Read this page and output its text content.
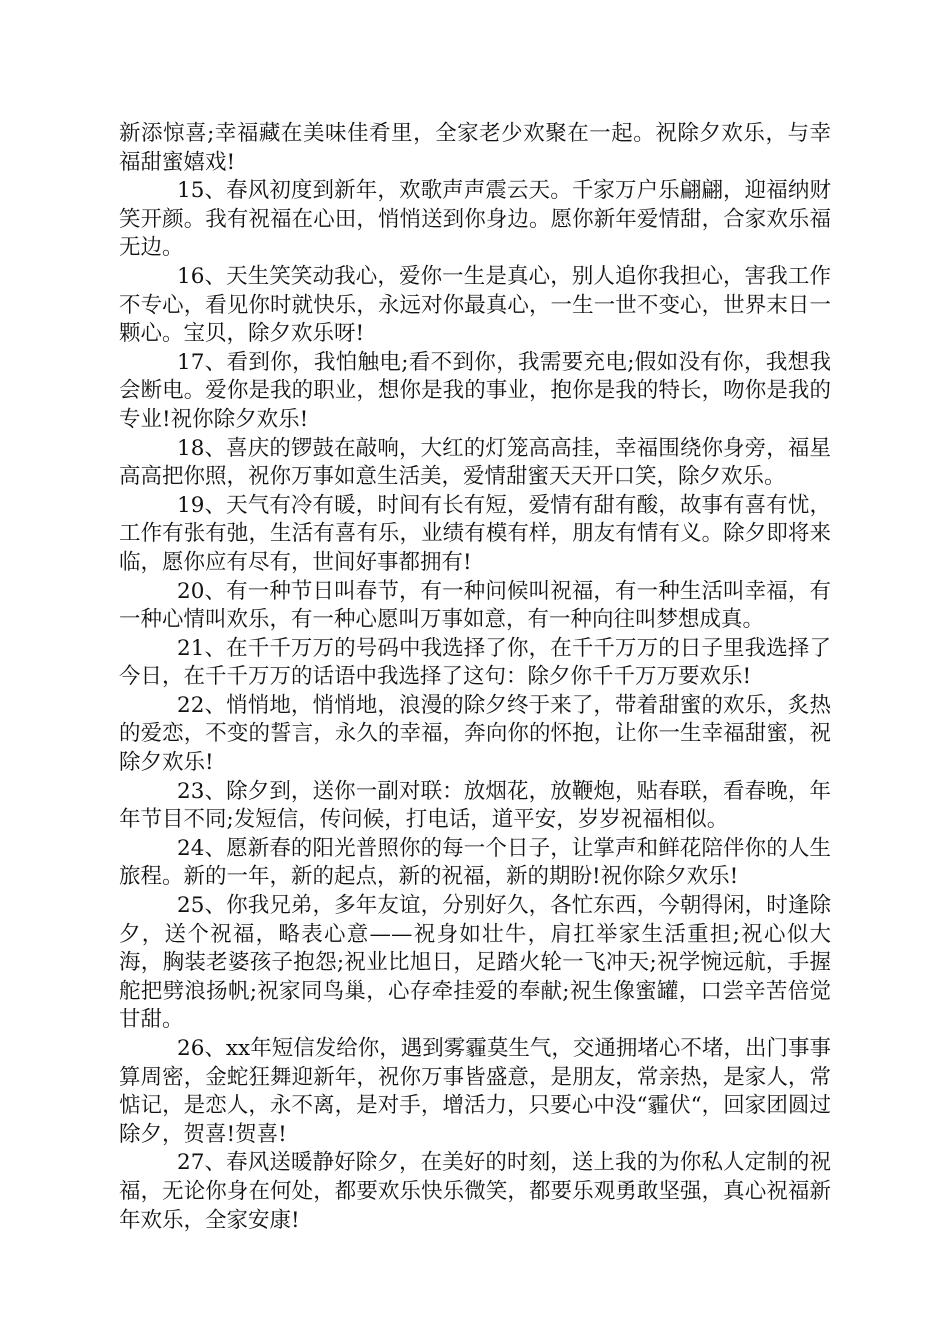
新添惊喜;幸福藏在美味佳肴里，全家老少欢聚在一起。祝除夕欢乐，与幸福甜蜜嬉戏!

15、春风初度到新年，欢歌声声震云天。千家万户乐翩翩，迎福纳财笑开颜。我有祝福在心田，悄悄送到你身边。愿你新年爱情甜，合家欢乐福无边。

16、天生笑笑动我心，爱你一生是真心，别人追你我担心，害我工作不专心，看见你时就快乐，永远对你最真心，一生一世不变心，世界末日一颗心。宝贝，除夕欢乐呀!

17、看到你，我怕触电;看不到你，我需要充电;假如没有你，我想我会断电。爱你是我的职业，想你是我的事业，抱你是我的特长，吻你是我的专业!祝你除夕欢乐!

18、喜庆的锣鼓在敲响，大红的灯笼高高挂，幸福围绕你身旁，福星高高把你照，祝你万事如意生活美，爱情甜蜜天天开口笑，除夕欢乐。

19、天气有冷有暖，时间有长有短，爱情有甜有酸，故事有喜有忧，工作有张有弛，生活有喜有乐，业绩有模有样，朋友有情有义。除夕即将来临，愿你应有尽有，世间好事都拥有!

20、有一种节日叫春节，有一种问候叫祝福，有一种生活叫幸福，有一种心情叫欢乐，有一种心愿叫万事如意，有一种向往叫梦想成真。

21、在千千万万的号码中我选择了你，在千千万万的日子里我选择了今日，在千千万万的话语中我选择了这句：除夕你千千万万要欢乐!

22、悄悄地，悄悄地，浪漫的除夕终于来了，带着甜蜜的欢乐，炙热的爱恋，不变的誓言，永久的幸福，奔向你的怀抱，让你一生幸福甜蜜，祝除夕欢乐!

23、除夕到，送你一副对联：放烟花，放鞭炮，贴春联，看春晚，年年节目不同;发短信，传问候，打电话，道平安，岁岁祝福相似。

24、愿新春的阳光普照你的每一个日子，让掌声和鲜花陪伴你的人生旅程。新的一年，新的起点，新的祝福，新的期盼!祝你除夕欢乐!

25、你我兄弟，多年友谊，分别好久，各忙东西，今朝得闲，时逢除夕，送个祝福，略表心意——祝身如壮牛，肩扛举家生活重担;祝心似大海，胸装老婆孩子抱怨;祝业比旭日，足踏火轮一飞冲天;祝学惋远航，手握舵把劈浪扬帆;祝家同鸟巢，心存牵挂爱的奉献;祝生像蜜罐，口尝辛苦倍觉甘甜。

26、xx年短信发给你，遇到雾霾莫生气，交通拥堵心不堵，出门事事算周密，金蛇狂舞迎新年，祝你万事皆盛意，是朋友，常亲热，是家人，常惦记，是恋人，永不离，是对手，增活力，只要心中没“霾伏“，回家团圆过除夕，贺喜!贺喜!

27、春风送暖静好除夕，在美好的时刻，送上我的为你私人定制的祝福，无论你身在何处，都要欢乐快乐微笑，都要乐观勇敢坚强，真心祝福新年欢乐，全家安康!
